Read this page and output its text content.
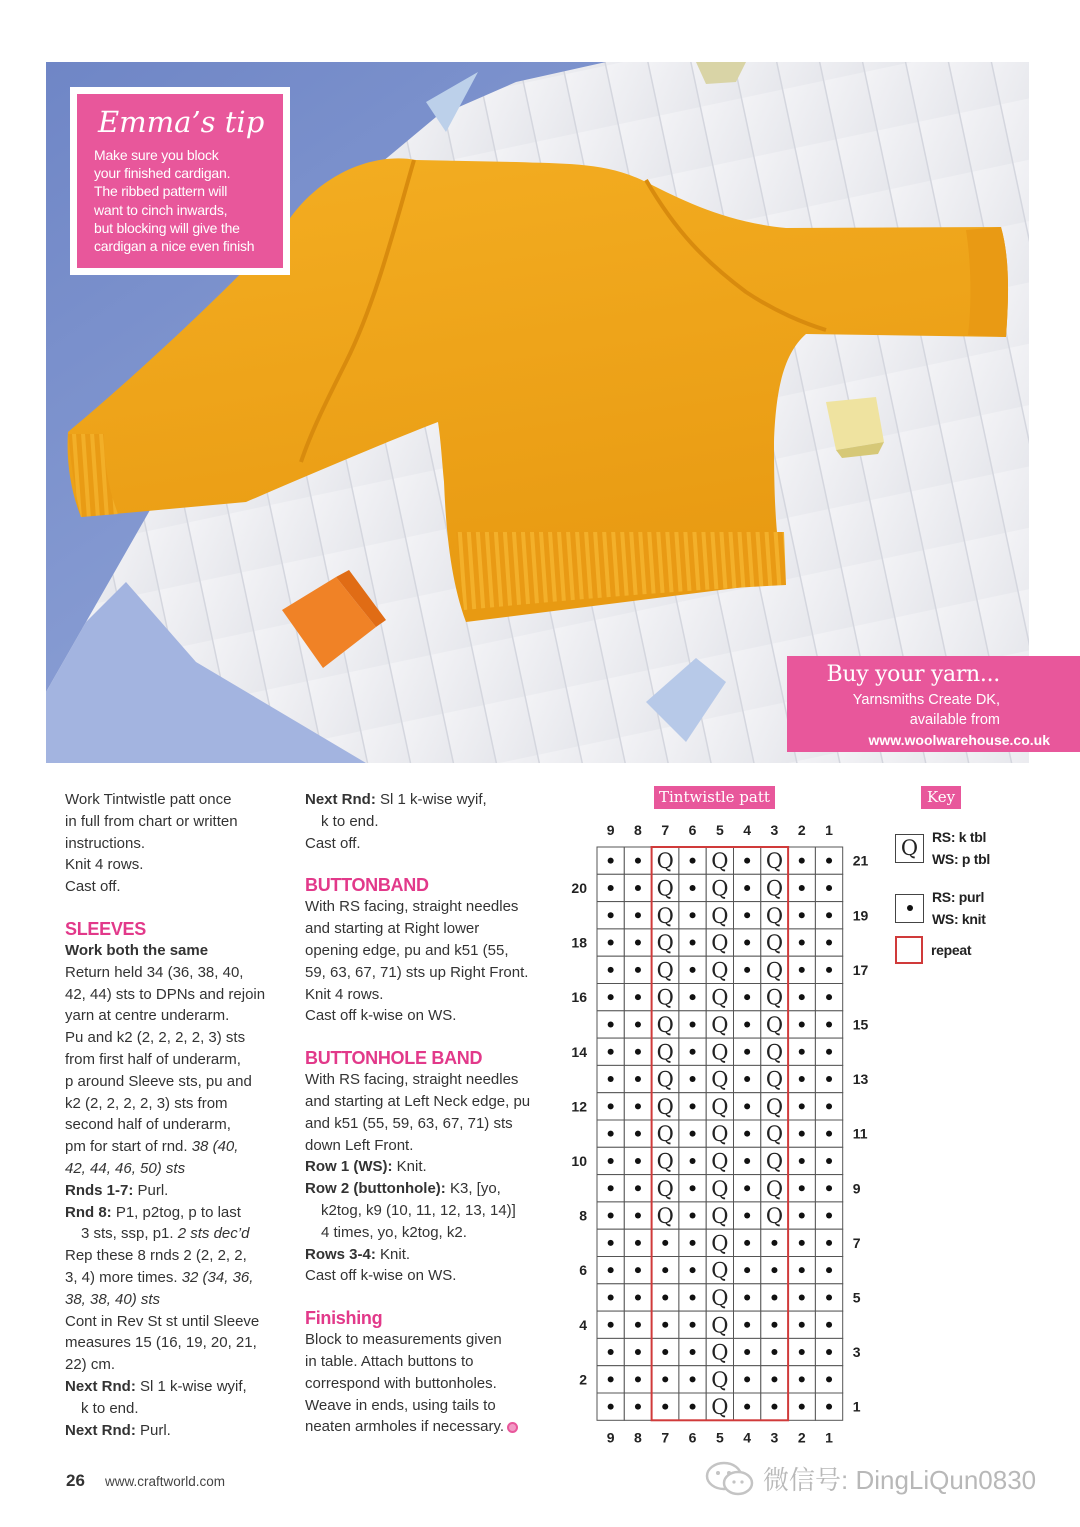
Emma’s tip
Make sure you block
your finished cardigan.
The ribbed pattern will
want to cinch inwards,
but blocking will give the
cardigan a nice even finish
Buy your yarn...
Yarnsmiths Create DK,
available from
www.woolwarehouse.co.uk

Work Tintwistle patt once

in full from chart or written

instructions.

Knit 4 rows.

Cast off.

SLEEVES

Work both the same

Return held 34 (36, 38, 40,

42, 44) sts to DPNs and rejoin

yarn at centre underarm.

Pu and k2 (2, 2, 2, 2, 3) sts

from first half of underarm,

p around Sleeve sts, pu and

k2 (2, 2, 2, 2, 3) sts from

second half of underarm,

pm for start of rnd. 38 (40,

42, 44, 46, 50) sts

Rnds 1-7: Purl.

Rnd 8: P1, p2tog, p to last

3 sts, ssp, p1. 2 sts dec’d

Rep these 8 rnds 2 (2, 2, 2,

3, 4) more times. 32 (34, 36,

38, 38, 40) sts

Cont in Rev St st until Sleeve

measures 15 (16, 19, 20, 21,

22) cm.

Next Rnd: Sl 1 k-wise wyif,

k to end.

Next Rnd: Purl.

Next Rnd: Sl 1 k-wise wyif,

k to end.

Cast off.

BUTTONBAND

With RS facing, straight needles

and starting at Right lower

opening edge, pu and k51 (55,

59, 63, 67, 71) sts up Right Front.

Knit 4 rows.

Cast off k-wise on WS.

BUTTONHOLE BAND

With RS facing, straight needles

and starting at Left Neck edge, pu

and k51 (55, 59, 63, 67, 71) sts

down Left Front.

Row 1 (WS): Knit.

Row 2 (buttonhole): K3, [yo,

k2tog, k9 (10, 11, 12, 13, 14)]

4 times, yo, k2tog, k2.

Rows 3-4: Knit.

Cast off k-wise on WS.

Finishing

Block to measurements given

in table. Attach buttons to

correspond with buttonholes.

Weave in ends, using tails to

neaten armholes if necessary.

Tintwistle patt
Q Q Q
Q Q Q
Q Q Q
Q Q Q
Q Q Q
Q Q Q
Q Q Q
Q Q Q
Q Q Q
Q Q Q
Q Q Q
Q Q Q
Q Q Q
Q Q Q
Q
Q
Q
Q
Q
Q
Q
9
9
8
8
7
7
6
6
5
5
4
4
3
3
2
2
1
1
21
19
17
15
13
11
9
7
5
3
1
20
18
16
14
12
10
8
6
4
2
Key
Q RS: k tbl
WS: p tbl
RS: purl
WS: knit
repeat
26 www.craftworld.com	微信号: DingLiQun0830
